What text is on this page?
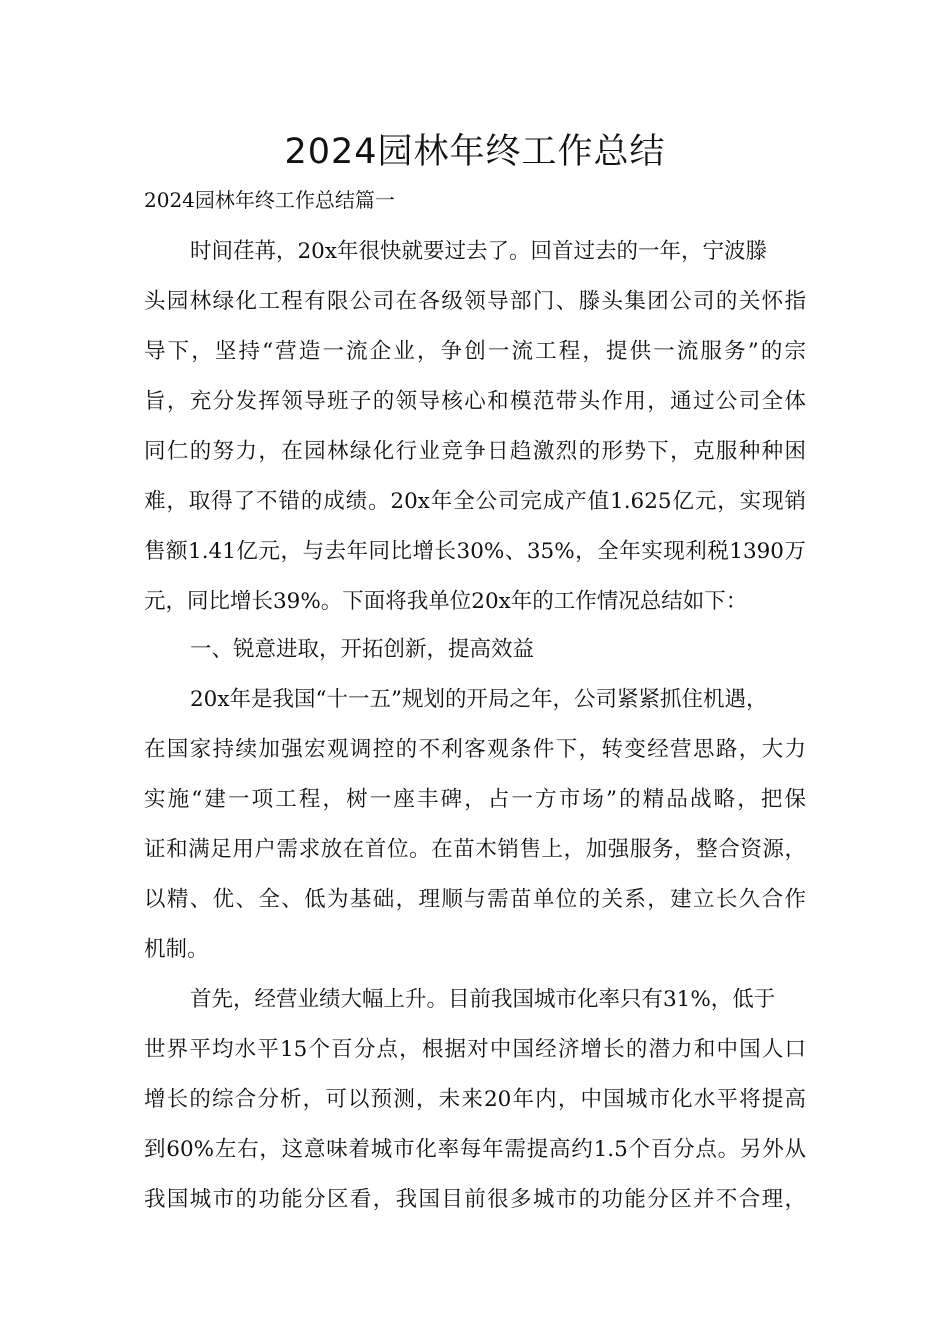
2024园林年终工作总结

2024园林年终工作总结篇一

时间荏苒，20x年很快就要过去了。回首过去的一年，宁波滕

头园林绿化工程有限公司在各级领导部门、滕头集团公司的关怀指

导下，坚持“营造一流企业，争创一流工程，提供一流服务”的宗

旨，充分发挥领导班子的领导核心和模范带头作用，通过公司全体

同仁的努力，在园林绿化行业竞争日趋激烈的形势下，克服种种困

难，取得了不错的成绩。20x年全公司完成产值1.625亿元，实现销

售额1.41亿元，与去年同比增长30%、35%，全年实现利税1390万

元，同比增长39%。下面将我单位20x年的工作情况总结如下：

一、锐意进取，开拓创新，提高效益

20x年是我国“十一五”规划的开局之年，公司紧紧抓住机遇，

在国家持续加强宏观调控的不利客观条件下，转变经营思路，大力

实施“建一项工程，树一座丰碑，占一方市场”的精品战略，把保

证和满足用户需求放在首位。在苗木销售上，加强服务，整合资源，

以精、优、全、低为基础，理顺与需苗单位的关系，建立长久合作

机制。

首先，经营业绩大幅上升。目前我国城市化率只有31%，低于

世界平均水平15个百分点，根据对中国经济增长的潜力和中国人口

增长的综合分析，可以预测，未来20年内，中国城市化水平将提高

到60%左右，这意味着城市化率每年需提高约1.5个百分点。另外从

我国城市的功能分区看，我国目前很多城市的功能分区并不合理，
